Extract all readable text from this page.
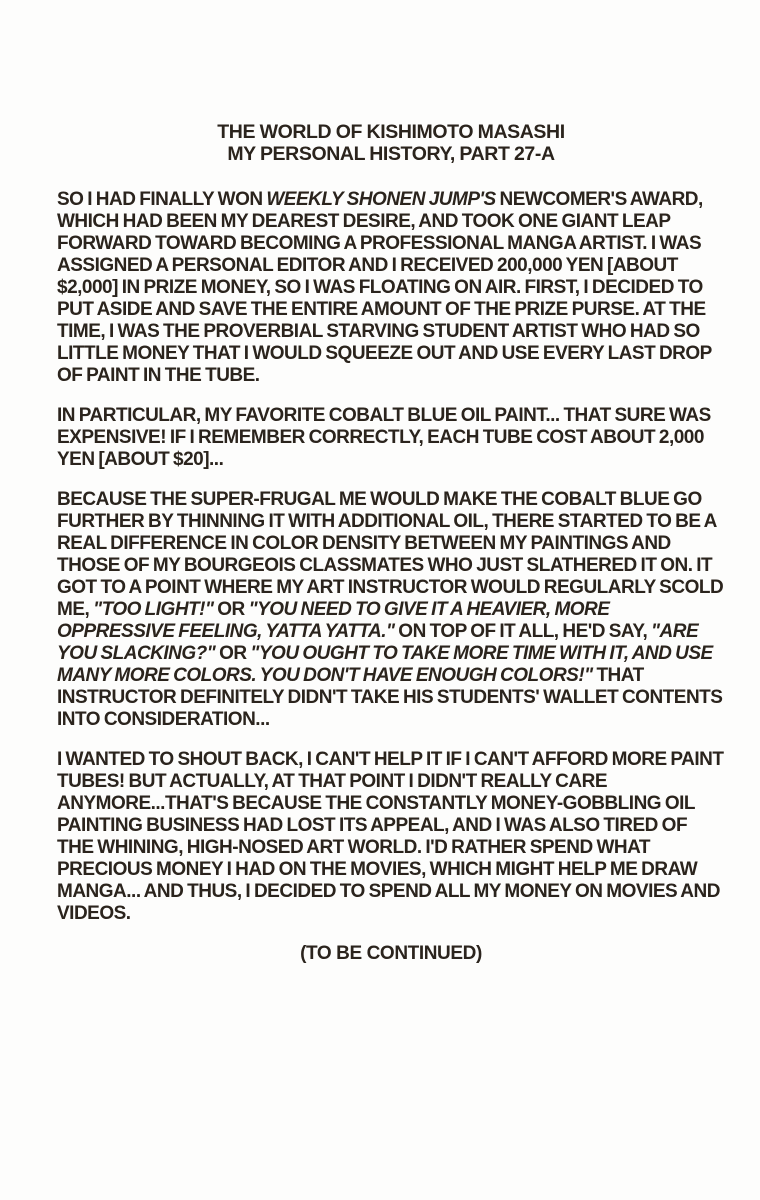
THE WORLD OF KISHIMOTO MASASHI
MY PERSONAL HISTORY, PART 27-A

SO I HAD FINALLY WON WEEKLY SHONEN JUMP'S NEWCOMER'S AWARD, WHICH HAD BEEN MY DEAREST DESIRE, AND TOOK ONE GIANT LEAP FORWARD TOWARD BECOMING A PROFESSIONAL MANGA ARTIST. I WAS ASSIGNED A PERSONAL EDITOR AND I RECEIVED 200,000 YEN [ABOUT $2,000] IN PRIZE MONEY, SO I WAS FLOATING ON AIR. FIRST, I DECIDED TO PUT ASIDE AND SAVE THE ENTIRE AMOUNT OF THE PRIZE PURSE. AT THE TIME, I WAS THE PROVERBIAL STARVING STUDENT ARTIST WHO HAD SO LITTLE MONEY THAT I WOULD SQUEEZE OUT AND USE EVERY LAST DROP OF PAINT IN THE TUBE.

IN PARTICULAR, MY FAVORITE COBALT BLUE OIL PAINT... THAT SURE WAS EXPENSIVE! IF I REMEMBER CORRECTLY, EACH TUBE COST ABOUT 2,000 YEN [ABOUT $20]...

BECAUSE THE SUPER-FRUGAL ME WOULD MAKE THE COBALT BLUE GO FURTHER BY THINNING IT WITH ADDITIONAL OIL, THERE STARTED TO BE A REAL DIFFERENCE IN COLOR DENSITY BETWEEN MY PAINTINGS AND THOSE OF MY BOURGEOIS CLASSMATES WHO JUST SLATHERED IT ON. IT GOT TO A POINT WHERE MY ART INSTRUCTOR WOULD REGULARLY SCOLD ME, "TOO LIGHT!" OR "YOU NEED TO GIVE IT A HEAVIER, MORE OPPRESSIVE FEELING, YATTA YATTA." ON TOP OF IT ALL, HE'D SAY, "ARE YOU SLACKING?" OR "YOU OUGHT TO TAKE MORE TIME WITH IT, AND USE MANY MORE COLORS. YOU DON'T HAVE ENOUGH COLORS!" THAT INSTRUCTOR DEFINITELY DIDN'T TAKE HIS STUDENTS' WALLET CONTENTS INTO CONSIDERATION...

I WANTED TO SHOUT BACK, I CAN'T HELP IT IF I CAN'T AFFORD MORE PAINT TUBES! BUT ACTUALLY, AT THAT POINT I DIDN'T REALLY CARE ANYMORE...THAT'S BECAUSE THE CONSTANTLY MONEY-GOBBLING OIL PAINTING BUSINESS HAD LOST ITS APPEAL, AND I WAS ALSO TIRED OF THE WHINING, HIGH-NOSED ART WORLD. I'D RATHER SPEND WHAT PRECIOUS MONEY I HAD ON THE MOVIES, WHICH MIGHT HELP ME DRAW MANGA... AND THUS, I DECIDED TO SPEND ALL MY MONEY ON MOVIES AND VIDEOS.

(TO BE CONTINUED)
